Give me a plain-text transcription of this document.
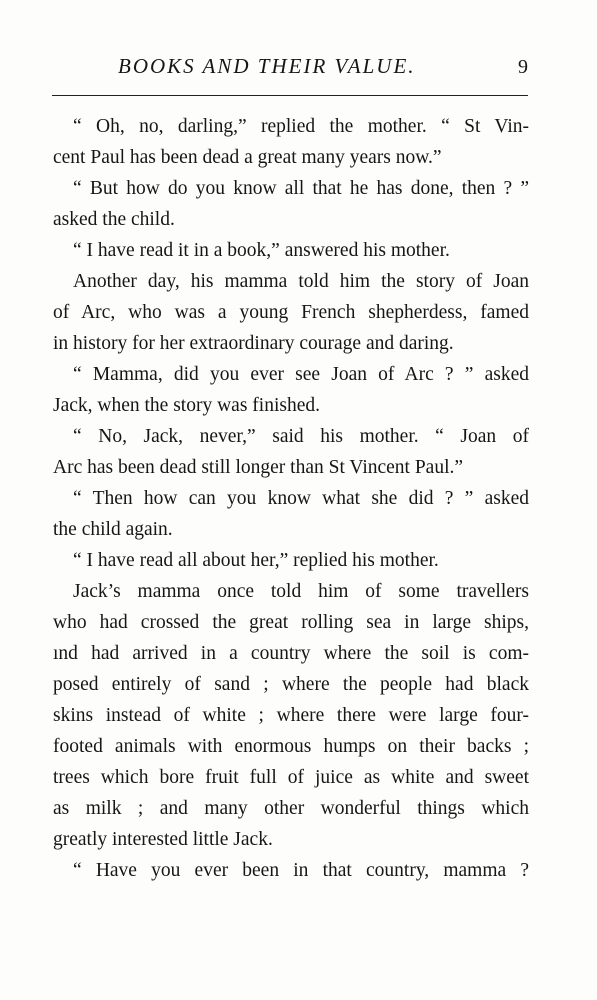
BOOKS AND THEIR VALUE.	9
“ Oh, no, darling,” replied the mother. “ St Vin-
cent Paul has been dead a great many years now.”
“ But how do you know all that he has done, then ? ”
asked the child.
“ I have read it in a book,” answered his mother.
Another day, his mamma told him the story of Joan
of Arc, who was a young French shepherdess, famed
in history for her extraordinary courage and daring.
“ Mamma, did you ever see Joan of Arc ? ” asked
Jack, when the story was finished.
“ No, Jack, never,” said his mother. “ Joan of
Arc has been dead still longer than St Vincent Paul.”
“ Then how can you know what she did ? ” asked
the child again.
“ I have read all about her,” replied his mother.
Jack’s mamma once told him of some travellers
who had crossed the great rolling sea in large ships,
ınd had arrived in a country where the soil is com-
posed entirely of sand ; where the people had black
skins instead of white ; where there were large four-
footed animals with enormous humps on their backs ;
trees which bore fruit full of juice as white and sweet
as milk ; and many other wonderful things which
greatly interested little Jack.
“ Have you ever been in that country, mamma ?
